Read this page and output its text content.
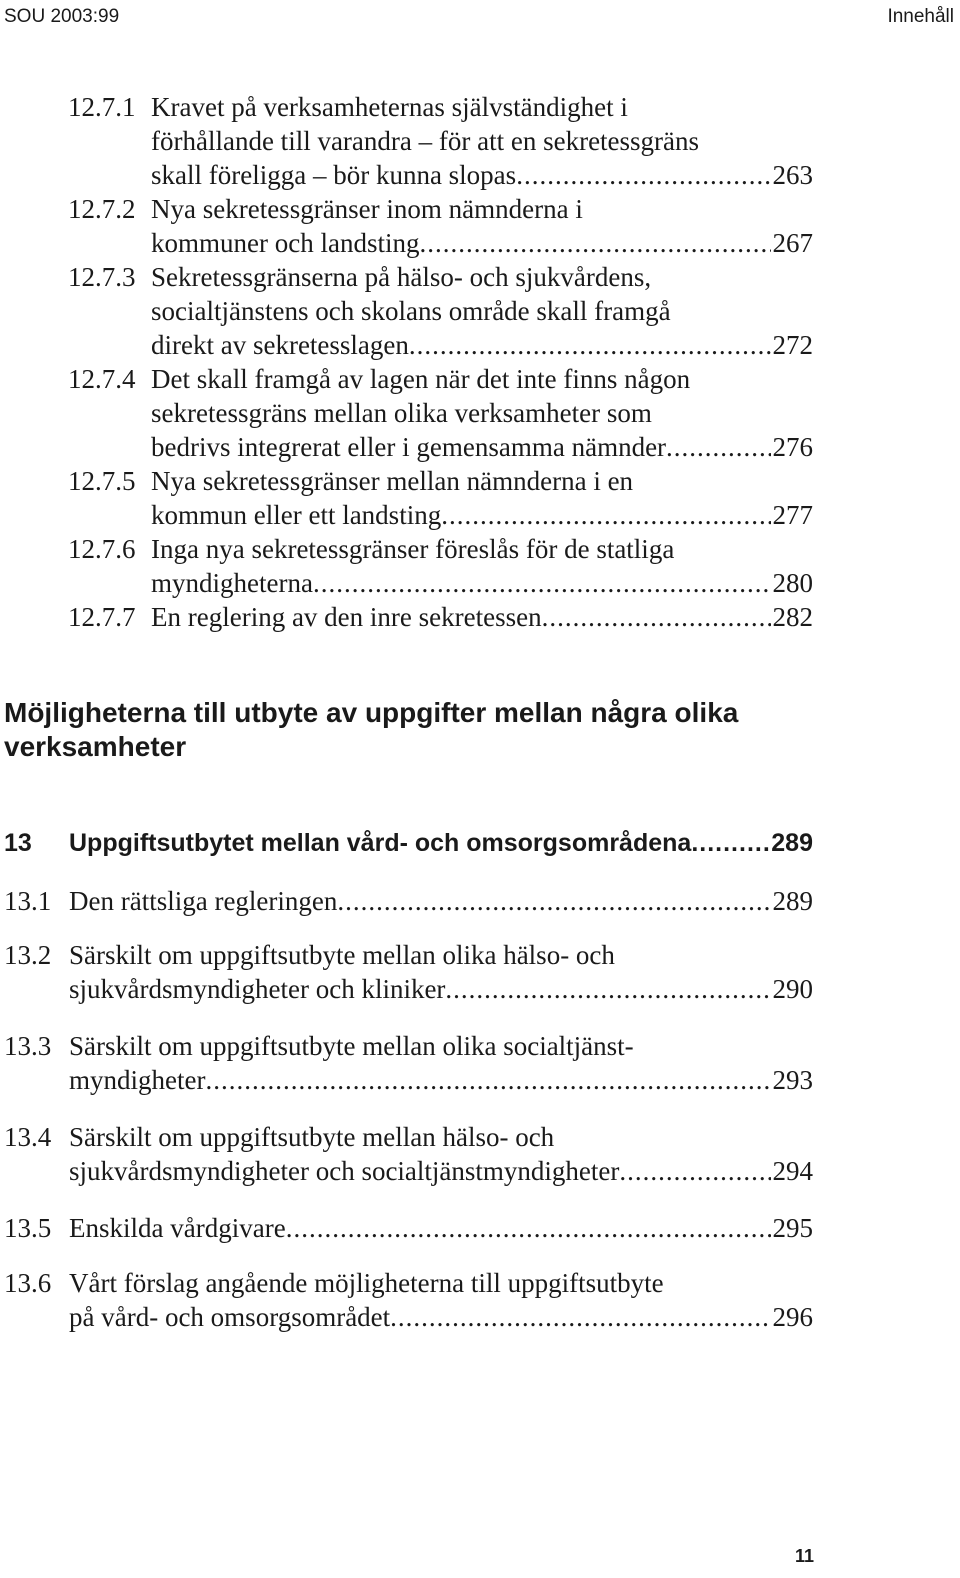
SOU 2003:99	Innehåll
12.7.1 Kravet på verksamheternas självständighet i
förhållande till varandra – för att en sekretessgräns
skall föreligga – bör kunna slopas .....	263
12.7.2 Nya sekretessgränser inom nämnderna i
kommuner och landsting .....	267
12.7.3 Sekretessgränserna på hälso- och sjukvårdens,
socialtjänstens och skolans område skall framgå
direkt av sekretesslagen .....	272
12.7.4 Det skall framgå av lagen när det inte finns någon
sekretessgräns mellan olika verksamheter som
bedrivs integrerat eller i gemensamma nämnder .....	276
12.7.5 Nya sekretessgränser mellan nämnderna i en
kommun eller ett landsting .....	277
12.7.6 Inga nya sekretessgränser föreslås för de statliga
myndigheterna .....	280
12.7.7 En reglering av den inre sekretessen .....	282
Möjligheterna till utbyte av uppgifter mellan några olika verksamheter
13 Uppgiftsutbytet mellan vård- och omsorgsområdena .....	289
13.1 Den rättsliga regleringen .....	289
13.2 Särskilt om uppgiftsutbyte mellan olika hälso- och
sjukvårdsmyndigheter och kliniker .....	290
13.3 Särskilt om uppgiftsutbyte mellan olika socialtjänst-
myndigheter .....	293
13.4 Särskilt om uppgiftsutbyte mellan hälso- och
sjukvårdsmyndigheter och socialtjänstmyndigheter .....	294
13.5 Enskilda vårdgivare .....	295
13.6 Vårt förslag angående möjligheterna till uppgiftsutbyte
på vård- och omsorgsområdet .....	296
11
